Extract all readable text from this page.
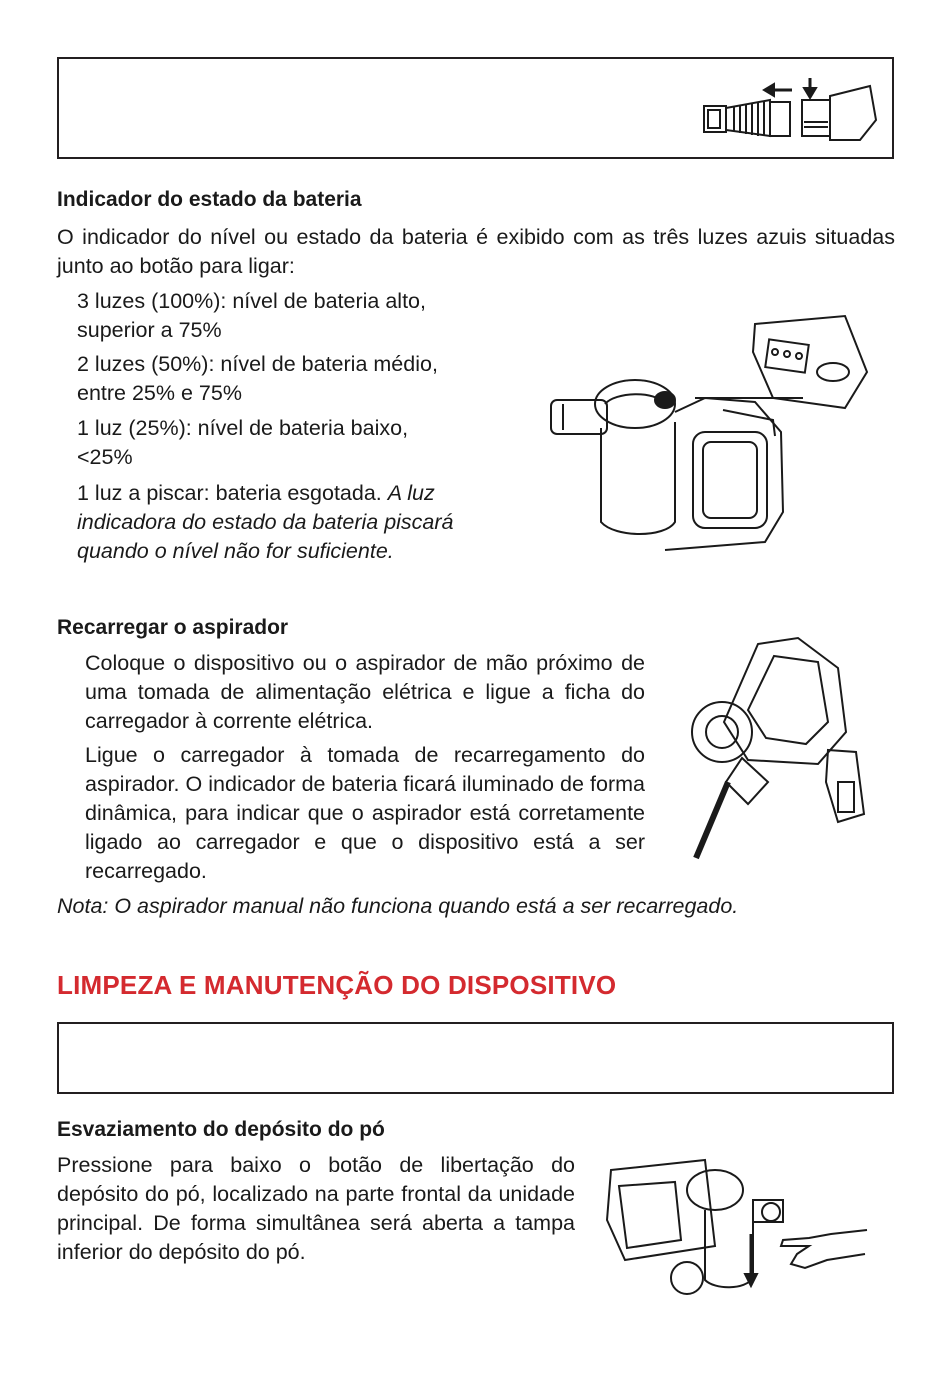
Indicador do estado da bateria

O indicador do nível ou estado da bateria é exibido com as três luzes azuis situadas junto ao botão para ligar:

3 luzes (100%): nível de bateria alto,
superior a 75%

2 luzes (50%): nível de bateria médio,
entre 25% e 75%

1 luz (25%): nível de bateria baixo,
<25%

1 luz a piscar: bateria esgotada. A luz indicadora do estado da bateria piscará quando o nível não for suficiente.

Recarregar o aspirador

Coloque o dispositivo ou o aspirador de mão próximo de uma tomada de alimentação elétrica e ligue a ficha do carregador à corrente elétrica.

Ligue o carregador à tomada de recarregamento do aspirador. O indicador de bateria ficará iluminado de forma dinâmica, para indicar que o aspirador está corretamente ligado ao carregador e que o dispositivo está a ser recarregado.

Nota: O aspirador manual não funciona quando está a ser recarregado.

LIMPEZA E MANUTENÇÃO DO DISPOSITIVO
Esvaziamento do depósito do pó

Pressione para baixo o botão de libertação do depósito do pó, localizado na parte frontal da unidade principal. De forma simultânea será aberta a tampa inferior do depósito do pó.
